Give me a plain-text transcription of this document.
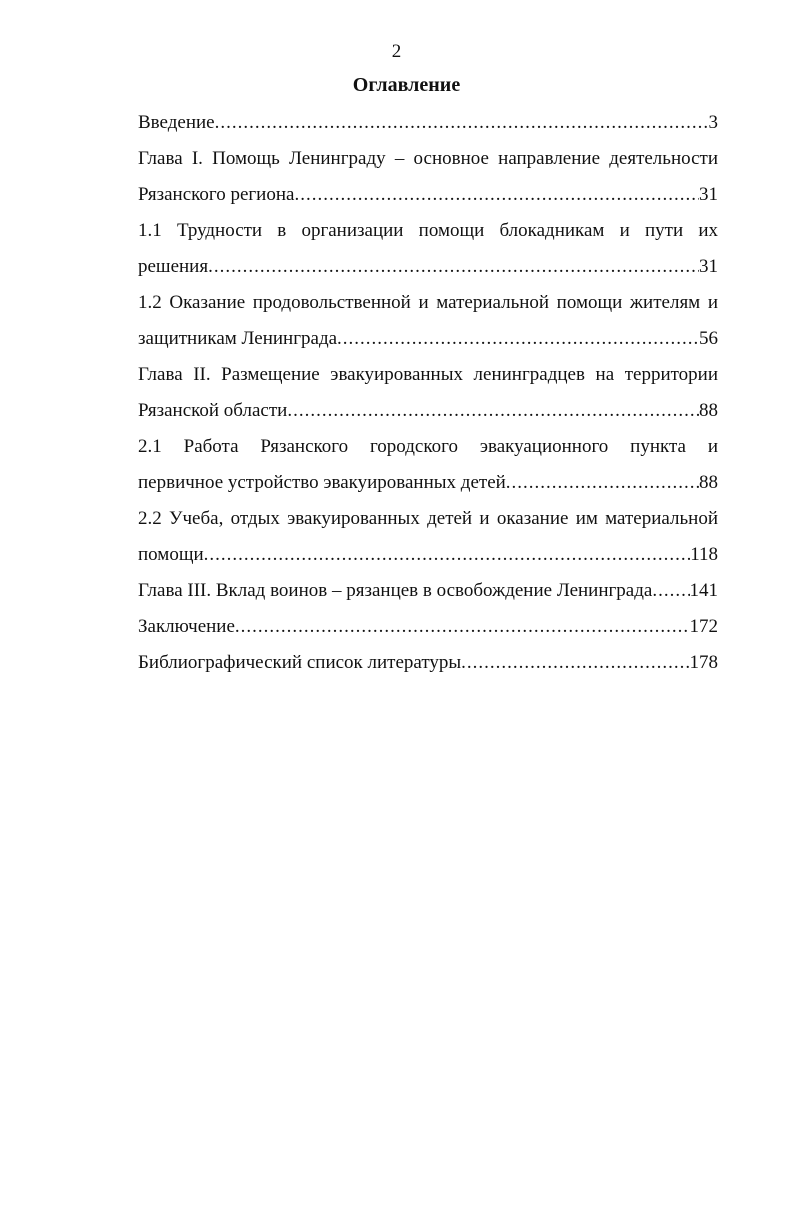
2
Оглавление
Введение .....	3
Глава I. Помощь Ленинграду – основное направление деятельности
Рязанского региона .....	31
1.1 Трудности в организации помощи блокадникам и пути их
решения .....	31
1.2 Оказание продовольственной и материальной помощи жителям и
защитникам Ленинграда .....	56
Глава II. Размещение эвакуированных ленинградцев на территории
Рязанской области .....	88
2.1 Работа Рязанского городского эвакуационного пункта и
первичное устройство эвакуированных детей .....	88
2.2 Учеба, отдых эвакуированных детей и оказание им материальной
помощи .....	118
Глава III. Вклад воинов – рязанцев в освобождение Ленинграда ..... 141
Заключение .....	172
Библиографический список литературы .....	178
